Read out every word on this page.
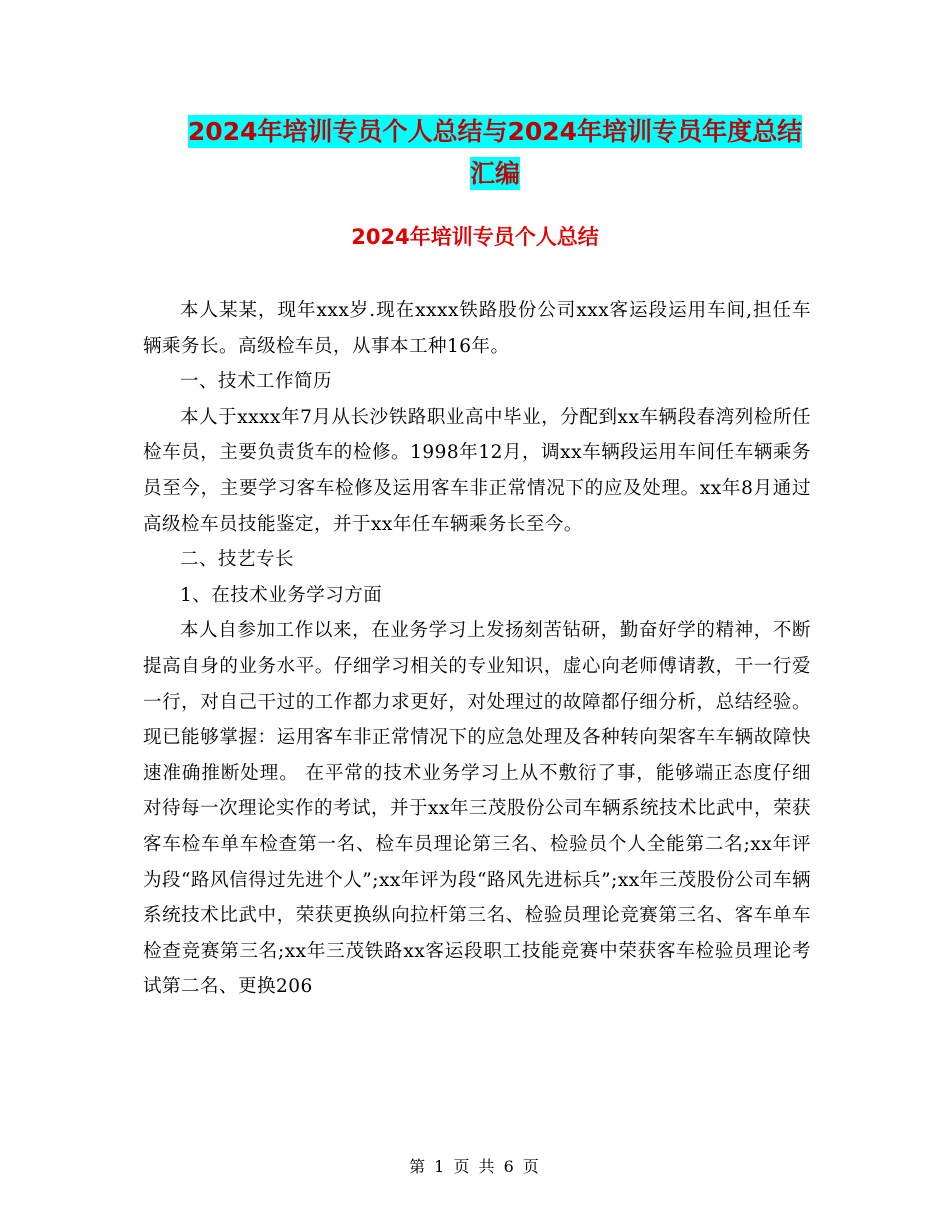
2024年培训专员个人总结与2024年培训专员年度总结
汇编
2024年培训专员个人总结

本人某某，现年xxx岁.现在xxxx铁路股份公司xxx客运段运用车间,担任车辆乘务长。高级检车员，从事本工种16年。

一、技术工作简历

本人于xxxx年7月从长沙铁路职业高中毕业，分配到xx车辆段春湾列检所任检车员，主要负责货车的检修。1998年12月，调xx车辆段运用车间任车辆乘务员至今，主要学习客车检修及运用客车非正常情况下的应及处理。xx年8月通过高级检车员技能鉴定，并于xx年任车辆乘务长至今。

二、技艺专长

1、在技术业务学习方面

本人自参加工作以来，在业务学习上发扬刻苦钻研，勤奋好学的精神，不断提高自身的业务水平。仔细学习相关的专业知识，虚心向老师傅请教，干一行爱一行，对自己干过的工作都力求更好，对处理过的故障都仔细分析，总结经验。现已能够掌握：运用客车非正常情况下的应急处理及各种转向架客车车辆故障快速准确推断处理。 在平常的技术业务学习上从不敷衍了事，能够端正态度仔细对待每一次理论实作的考试，并于xx年三茂股份公司车辆系统技术比武中，荣获客车检车单车检查第一名、检车员理论第三名、检验员个人全能第二名;xx年评为段“路风信得过先进个人”;xx年评为段“路风先进标兵”;xx年三茂股份公司车辆系统技术比武中，荣获更换纵向拉杆第三名、检验员理论竞赛第三名、客车单车检查竞赛第三名;xx年三茂铁路xx客运段职工技能竞赛中荣获客车检验员理论考试第二名、更换206

第 1 页 共 6 页
